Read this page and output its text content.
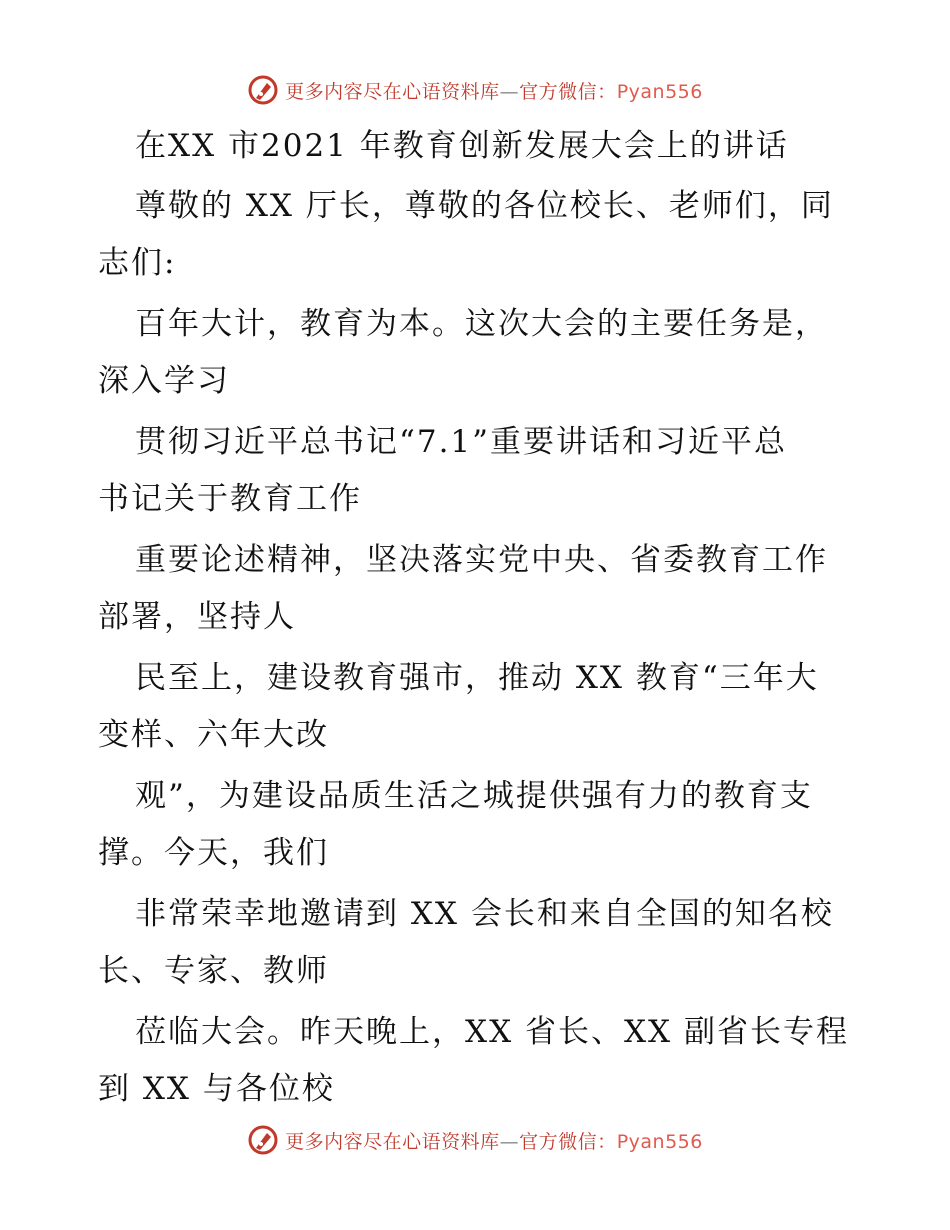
更多内容尽在心语资料库—官方微信：Pyan556
在XX 市2021 年教育创新发展大会上的讲话
尊敬的 XX 厅长，尊敬的各位校长、老师们，同
志们:
百年大计，教育为本。这次大会的主要任务是，
深入学习
贯彻习近平总书记“7.1”重要讲话和习近平总
书记关于教育工作
重要论述精神，坚决落实党中央、省委教育工作
部署，坚持人
民至上，建设教育强市，推动 XX 教育“三年大
变样、六年大改
观”，为建设品质生活之城提供强有力的教育支
撑。今天，我们
非常荣幸地邀请到 XX 会长和来自全国的知名校
长、专家、教师
莅临大会。昨天晚上，XX 省长、XX 副省长专程
到 XX 与各位校
更多内容尽在心语资料库—官方微信：Pyan556
